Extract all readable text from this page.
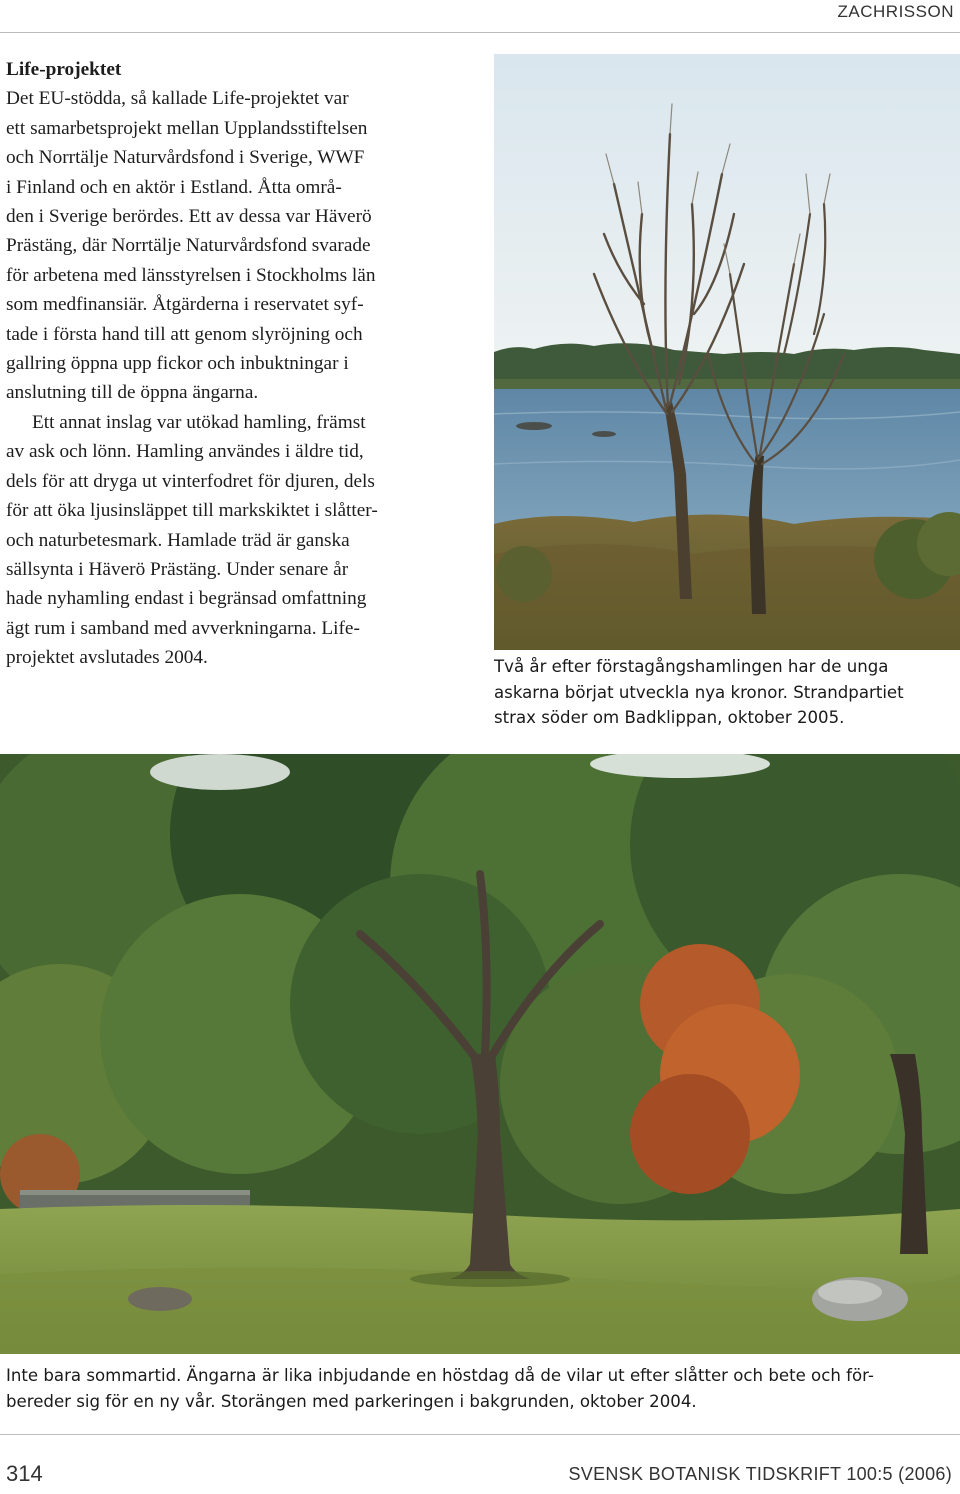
ZACHRISSON
Life-projektet

Det EU-stödda, så kallade Life-projektet var
ett samarbetsprojekt mellan Upplandsstiftelsen
och Norrtälje Naturvårdsfond i Sverige, WWF
i Finland och en aktör i Estland. Åtta områ-
den i Sverige berördes. Ett av dessa var Häverö
Prästäng, där Norrtälje Naturvårdsfond svarade
för arbetena med länsstyrelsen i Stockholms län
som medfinansiär. Åtgärderna i reservatet syf-
tade i första hand till att genom slyröjning och
gallring öppna upp fickor och inbuktningar i
anslutning till de öppna ängarna.

Ett annat inslag var utökad hamling, främst
av ask och lönn. Hamling användes i äldre tid,
dels för att dryga ut vinterfodret för djuren, dels
för att öka ljusinsläppet till markskiktet i slåtter-
och naturbetesmark. Hamlade träd är ganska
sällsynta i Häverö Prästäng. Under senare år
hade nyhamling endast i begränsad omfattning
ägt rum i samband med avverkningarna. Life-
projektet avslutades 2004.	Två år efter förstagångshamlingen har de unga
askarna börjat utveckla nya kronor. Strandpartiet
strax söder om Badklippan, oktober 2005.
Inte bara sommartid. Ängarna är lika inbjudande en höstdag då de vilar ut efter slåtter och bete och för-
bereder sig för en ny vår. Storängen med parkeringen i bakgrunden, oktober 2004.
314	SVENSK BOTANISK TIDSKRIFT 100:5 (2006)
